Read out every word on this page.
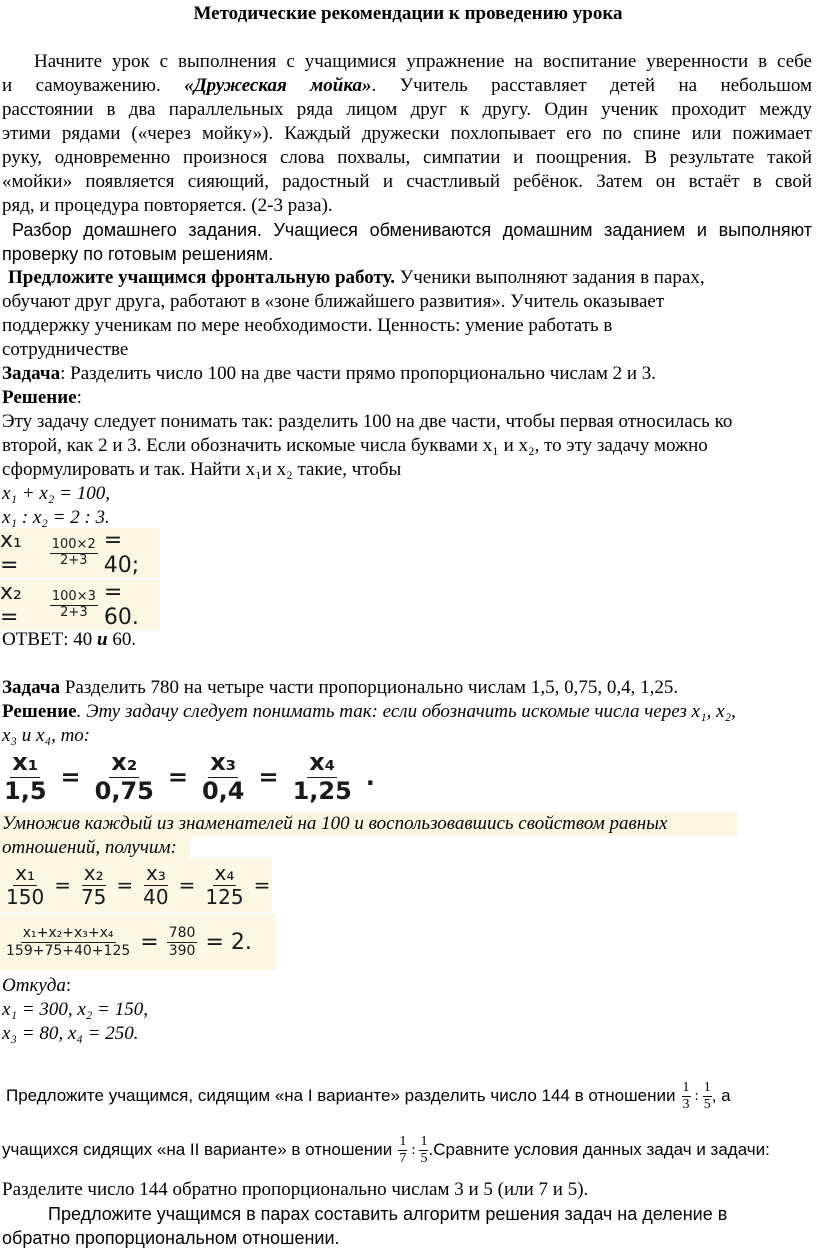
Методические рекомендации к проведению урока
Начните урок с выполнения с учащимися упражнение на воспитание уверенности в себе
и самоуважению. «Дружеская мойка». Учитель расставляет детей на небольшом
расстоянии в два параллельных ряда лицом друг к другу. Один ученик проходит между
этими рядами («через мойку»). Каждый дружески похлопывает его по спине или пожимает
руку, одновременно произнося слова похвалы, симпатии и поощрения. В результате такой
«мойки» появляется сияющий, радостный и счастливый ребёнок. Затем он встаёт в свой
ряд, и процедура повторяется. (2-3 раза).
Разбор домашнего задания. Учащиеся обмениваются домашним заданием и выполняют
проверку по готовым решениям.
Предложите учащимся фронтальную работу. Ученики выполняют задания в парах,
обучают друг друга, работают в «зоне ближайшего развития». Учитель оказывает
поддержку ученикам по мере необходимости. Ценность: умение работать в
сотрудничестве
Задача: Разделить число 100 на две части прямо пропорционально числам 2 и 3.
Решение:
Эту задачу следует понимать так: разделить 100 на две части, чтобы первая относилась ко
второй, как 2 и 3. Если обозначить искомые числа буквами x₁ и x₂, то эту задачу можно
сформулировать и так. Найти x₁и x₂ такие, чтобы
x₁ + x₂ = 100,
x₁ : x₂ = 2 : 3.
x₁ =	$\frac{100\times 2}{2+3} = 40$;
x₂ =	$\frac{100\times 3}{2+3} = 60$.
ОТВЕТ: 40 и 60.
Задача Разделить 780 на четыре части пропорционально числам 1,5, 0,75, 0,4, 1,25.
Решение. Эту задачу следует понимать так: если обозначить искомые числа через x₁, x₂,
x₃ и x₄, то:
$\frac{\text{x₁}}{1,5} = \frac{\text{x₂}}{0,75} = \frac{\text{x₃}}{0,4} = \frac{\text{x₄}}{1,25}$ .
Умножив каждый из знаменателей на 100 и воспользовавшись свойством равных
отношений, получим:
$\frac{\text{x₁}}{150} = \frac{\text{x₂}}{75} = \frac{\text{x₃}}{40} = \frac{\text{x₄}}{125}$ =
$\frac{\text{x₁+x₂+x₃+x₄}}{159+75+40+125} = \frac{780}{390} = 2$.
Откуда:
x₁ = 300, x₂ = 150,
x₃ = 80, x₄ = 250.
Предложите учащимся, сидящим «на I варианте» разделить число 144 в отношении 1
3 :
1
5 , а
учащихся сидящих «на II варианте» в отношении 1
7 :
1
5 .Сравните условия данных задач и задачи:
Разделите число 144 обратно пропорционально числам 3 и 5 (или 7 и 5).
Предложите учащимся в парах составить алгоритм решения задач на деление в
обратно пропорциональном отношении.
